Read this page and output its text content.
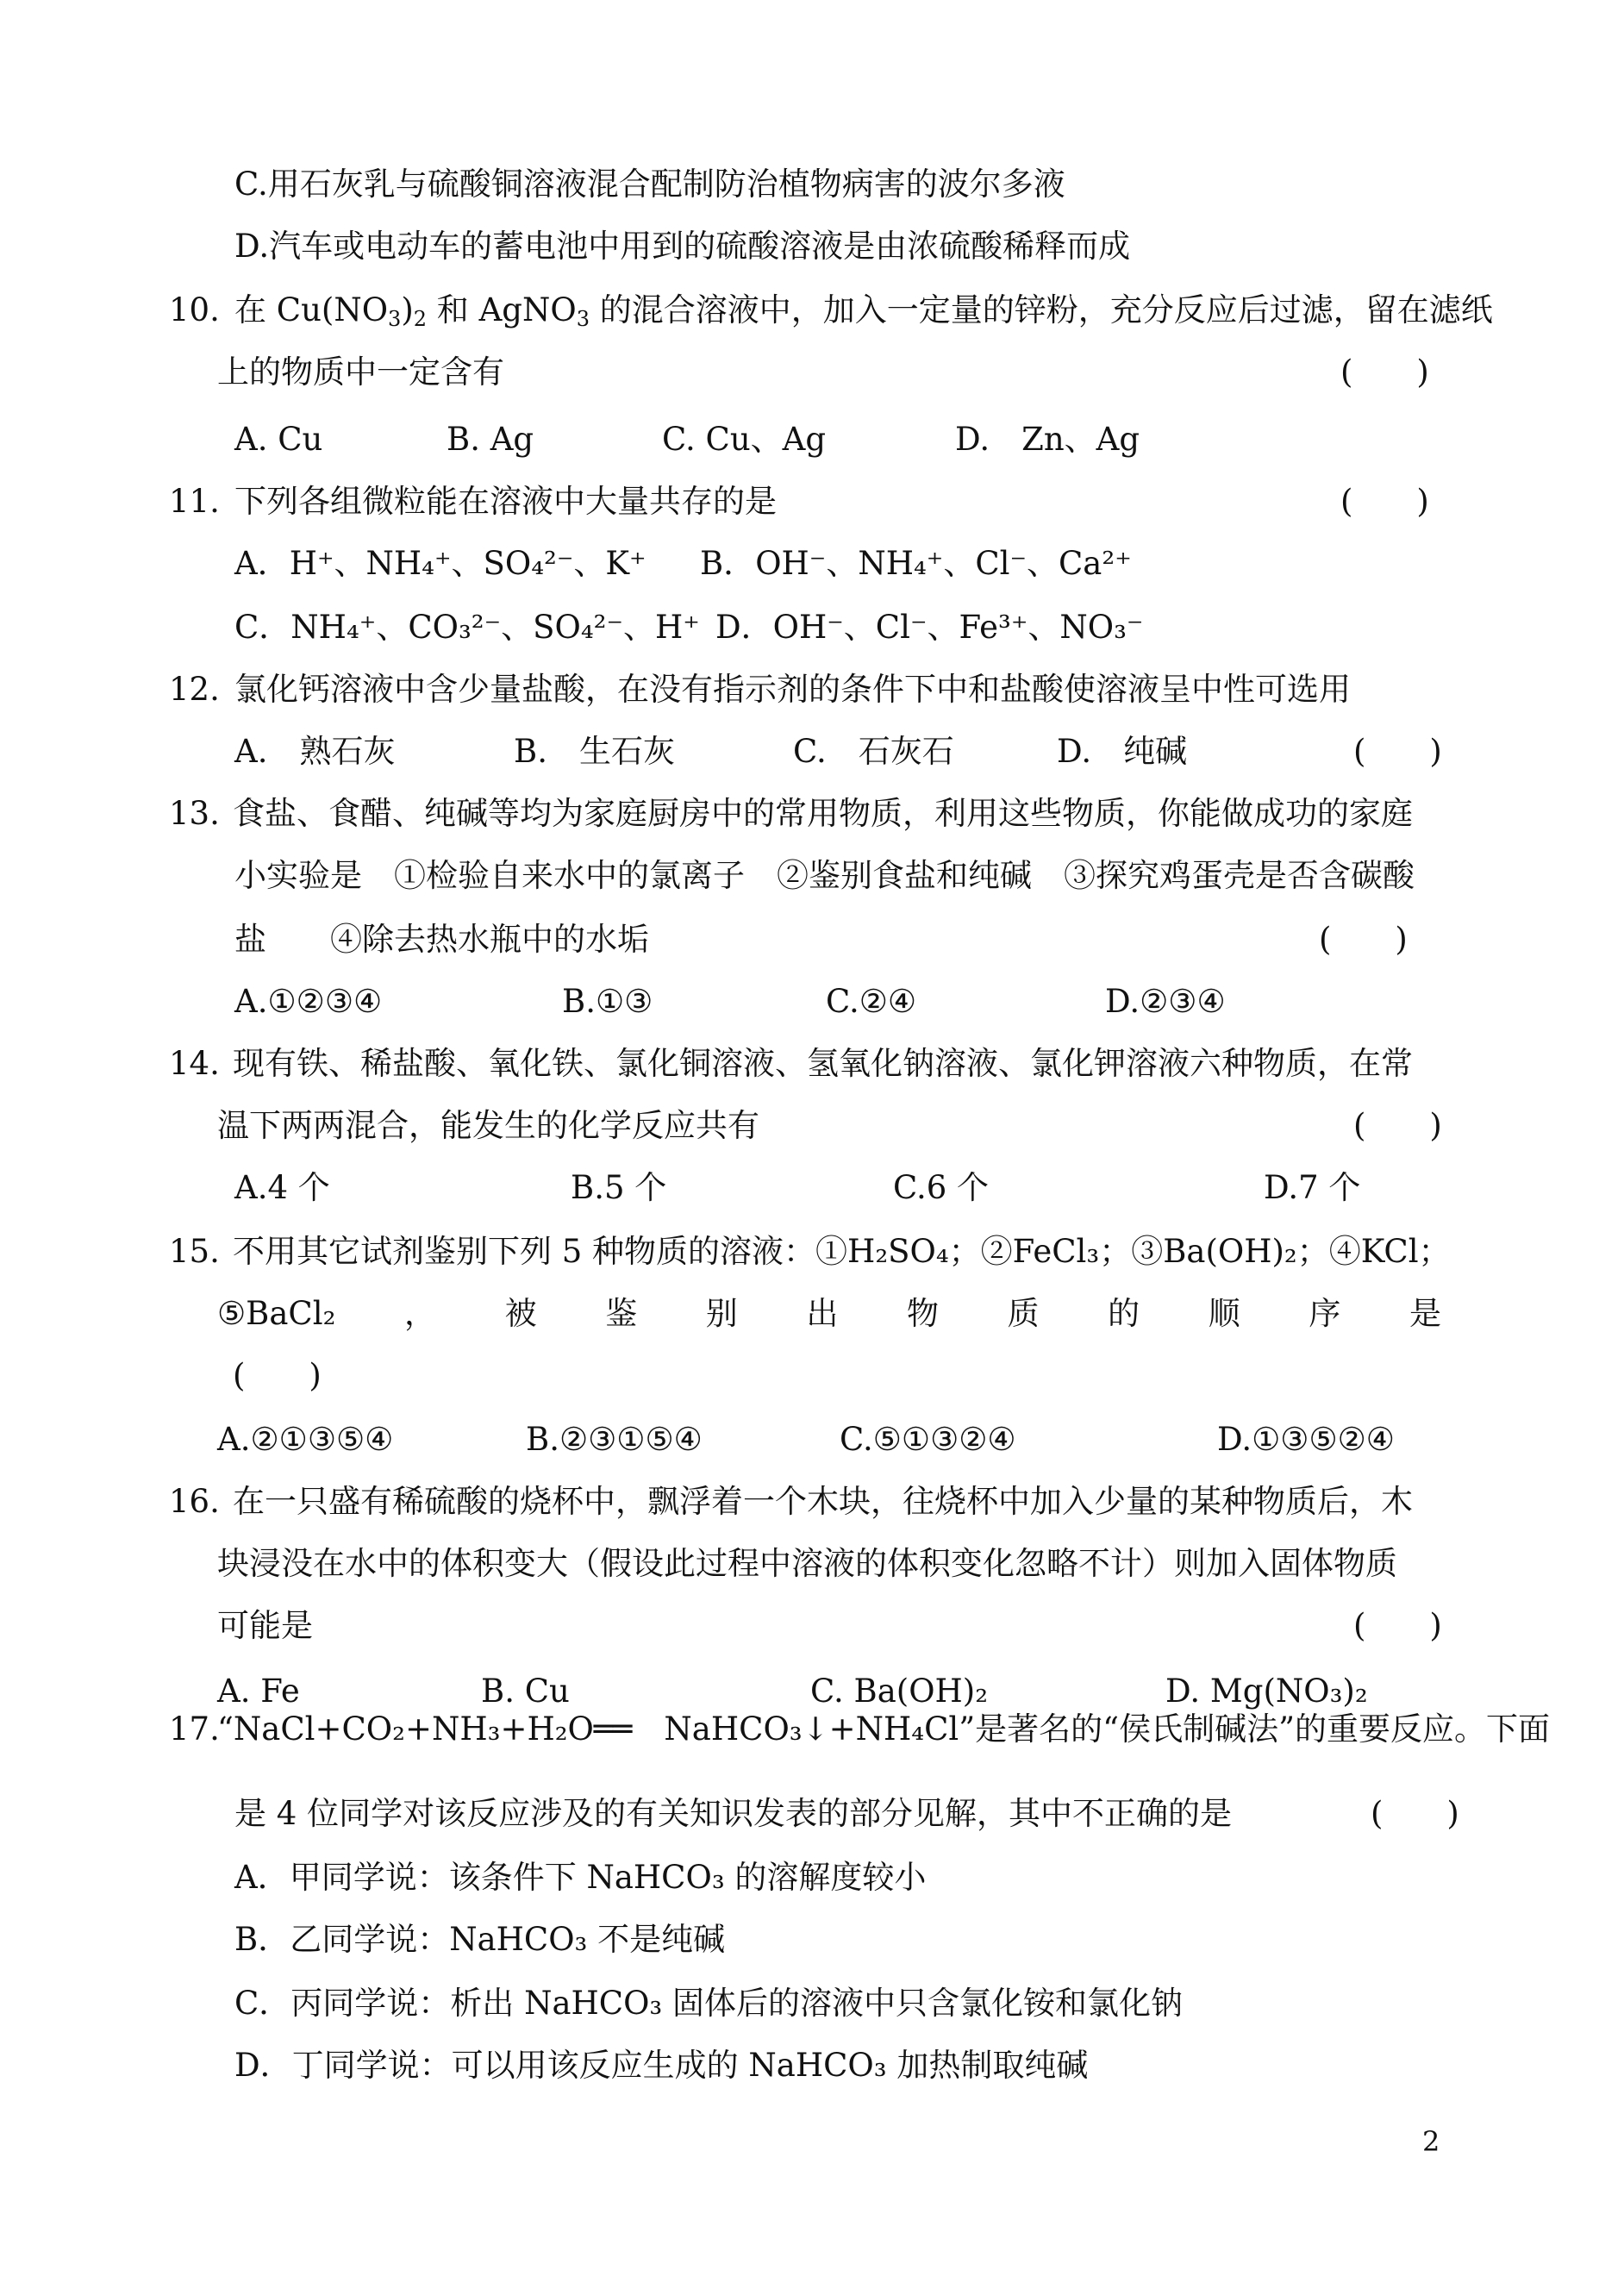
C.用石灰乳与硫酸铜溶液混合配制防治植物病害的波尔多液
D.汽车或电动车的蓄电池中用到的硫酸溶液是由浓硫酸稀释而成
10. 在 $Cu(NO_3)_2$ 和 AgNO$_3$ 的混合溶液中，加入一定量的锌粉，充分反应后过滤，留在滤纸
上的物质中一定含有	(　　)
A. Cu	B. Ag	C. Cu、Ag	D.　Zn、Ag
11. 下列各组微粒能在溶液中大量共存的是	(　　)
A．H⁺、NH₄⁺、SO₄²⁻、K⁺ B．OH⁻、NH₄⁺、Cl⁻、Ca²⁺
C．NH₄⁺、CO₃²⁻、SO₄²⁻、H⁺ D．OH⁻、Cl⁻、Fe³⁺、NO₃⁻
12. 氯化钙溶液中含少量盐酸，在没有指示剂的条件下中和盐酸使溶液呈中性可选用
A.　熟石灰	B.　生石灰	C.　石灰石	D.　纯碱	(　　)
13. 食盐、食醋、纯碱等均为家庭厨房中的常用物质，利用这些物质，你能做成功的家庭
小实验是　①检验自来水中的氯离子　②鉴别食盐和纯碱　③探究鸡蛋壳是否含碳酸
盐　　④除去热水瓶中的水垢	(　　)
A.①②③④	B.①③	C.②④	D.②③④
14. 现有铁、稀盐酸、氧化铁、氯化铜溶液、氢氧化钠溶液、氯化钾溶液六种物质，在常
温下两两混合，能发生的化学反应共有	(　　)
A.4 个	B.5 个	C.6 个	D.7 个
15. 不用其它试剂鉴别下列 5 种物质的溶液：①H₂SO₄；②FeCl₃；③Ba(OH)₂；④KCl；
⑤BaCl₂ ， 被 鉴 别 出 物 质 的 顺 序 是
(　　)
A.②①③⑤④	B.②③①⑤④	C.⑤①③②④	D.①③⑤②④
16. 在一只盛有稀硫酸的烧杯中，飘浮着一个木块，往烧杯中加入少量的某种物质后，木
块浸没在水中的体积变大（假设此过程中溶液的体积变化忽略不计）则加入固体物质
可能是	(　　)
A. Fe	B. Cu	C. Ba(OH)₂	D. Mg(NO₃)₂
17.
“NaCl+CO₂+NH₃+H₂O══　NaHCO₃↓+NH₄Cl”是著名的“侯氏制碱法”的重要反应。下面
是 4 位同学对该反应涉及的有关知识发表的部分见解，其中不正确的是	(　　)
A．甲同学说：该条件下 NaHCO₃ 的溶解度较小
B．乙同学说：NaHCO₃ 不是纯碱
C．丙同学说：析出 NaHCO₃ 固体后的溶液中只含氯化铵和氯化钠
D．丁同学说：可以用该反应生成的 NaHCO₃ 加热制取纯碱
2
